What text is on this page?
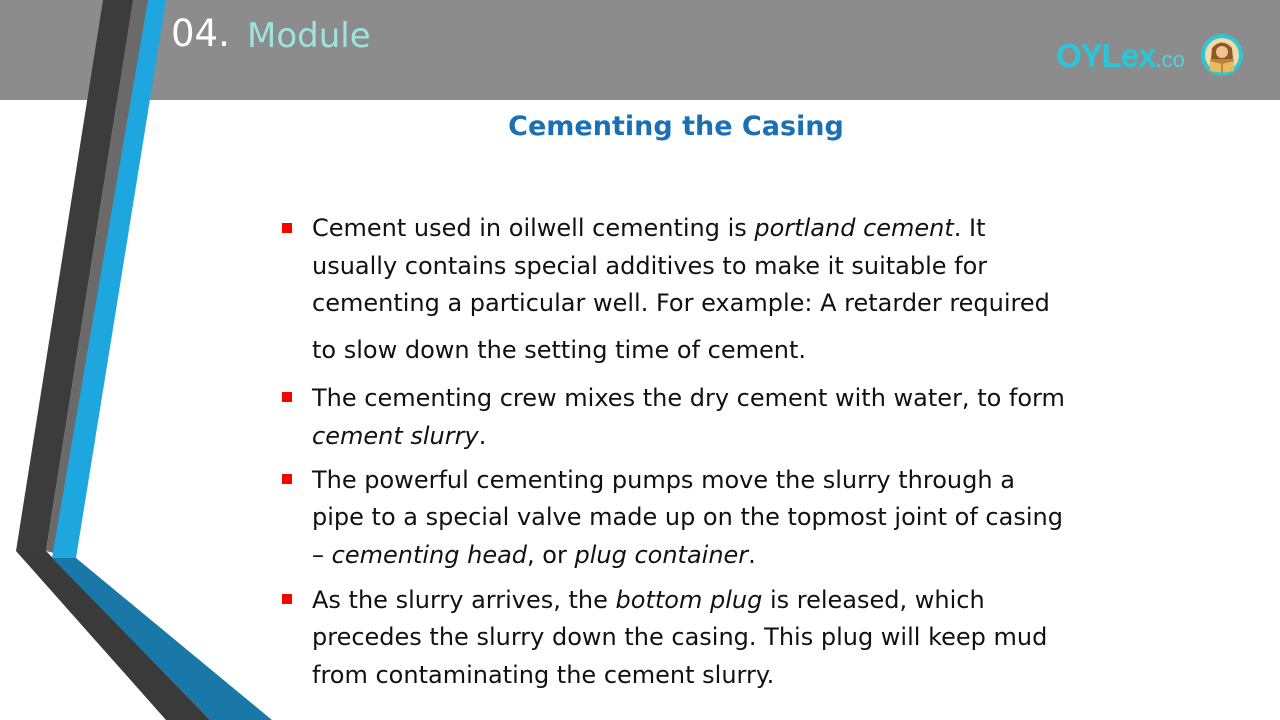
04. Module	OYLex.co
Cementing the Casing
Cement used in oilwell cementing is portland cement. It
usually contains special additives to make it suitable for
cementing a particular well. For example: A retarder required
to slow down the setting time of cement.
The cementing crew mixes the dry cement with water, to form
cement slurry.
The powerful cementing pumps move the slurry through a
pipe to a special valve made up on the topmost joint of casing
– cementing head, or plug container.
As the slurry arrives, the bottom plug is released, which
precedes the slurry down the casing. This plug will keep mud
from contaminating the cement slurry.
